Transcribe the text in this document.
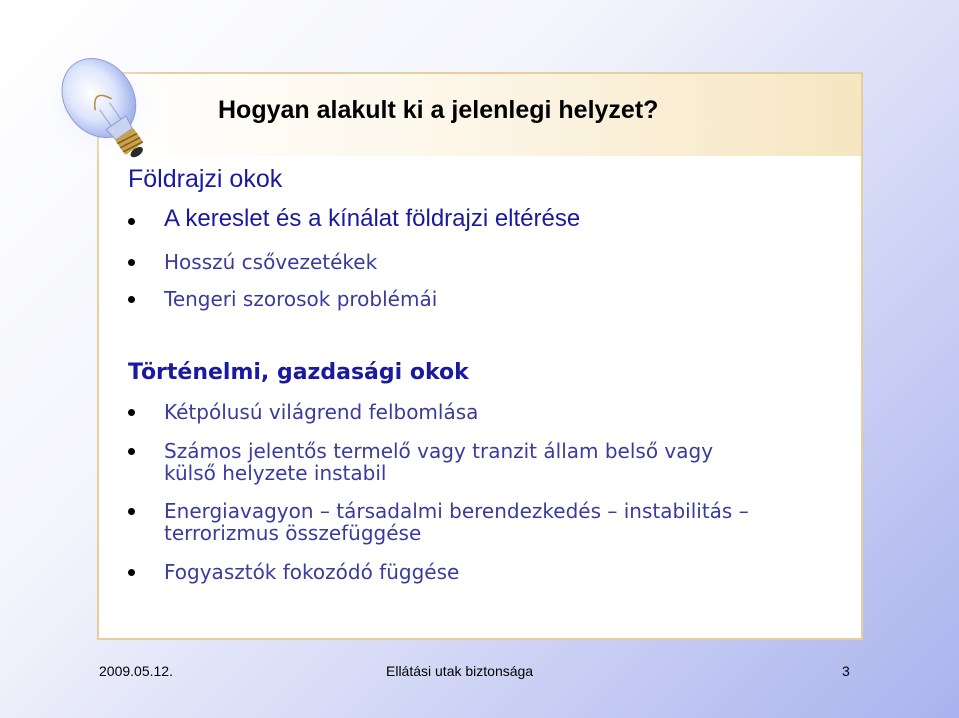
Hogyan alakult ki a jelenlegi helyzet?
Földrajzi okok
A kereslet és a kínálat földrajzi eltérése
Hosszú csővezetékek
Tengeri szorosok problémái
Történelmi, gazdasági okok
Kétpólusú világrend felbomlása
Számos jelentős termelő vagy tranzit állam belső vagy
külső helyzete instabil
Energiavagyon – társadalmi berendezkedés – instabilitás –
terrorizmus összefüggése
Fogyasztók fokozódó függése
2009.05.12.	Ellátási utak biztonsága	3
